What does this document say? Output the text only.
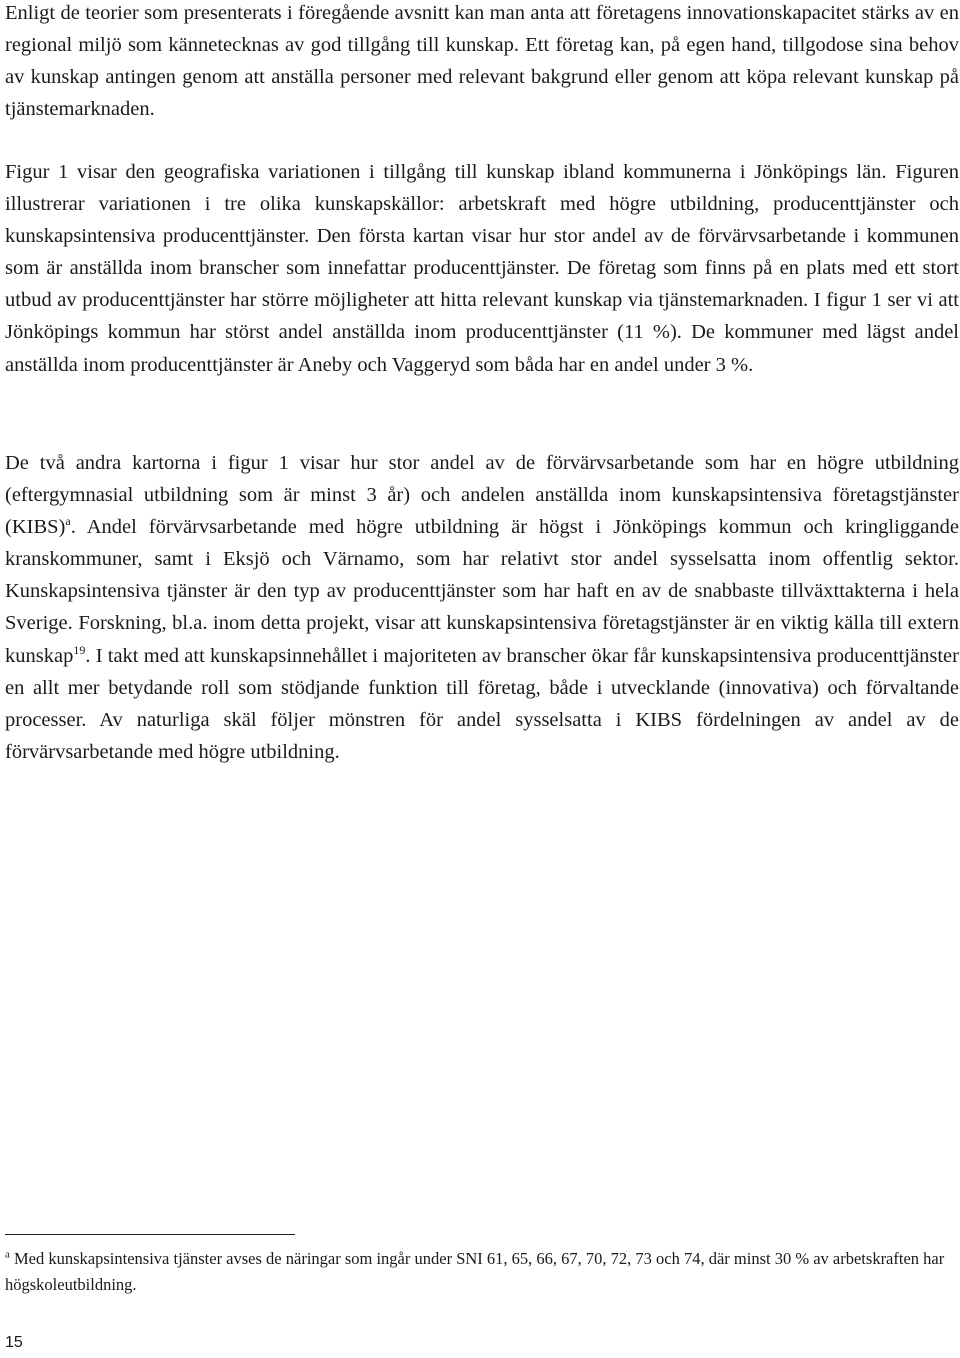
Enligt de teorier som presenterats i föregående avsnitt kan man anta att företagens innovationskapacitet stärks av en regional miljö som kännetecknas av god tillgång till kunskap. Ett företag kan, på egen hand, tillgodose sina behov av kunskap antingen genom att anställa personer med relevant bakgrund eller genom att köpa relevant kunskap på tjänstemarknaden.

Figur 1 visar den geografiska variationen i tillgång till kunskap ibland kommunerna i Jönköpings län. Figuren illustrerar variationen i tre olika kunskapskällor: arbetskraft med högre utbildning, producenttjänster och kunskapsintensiva producenttjänster. Den första kartan visar hur stor andel av de förvärvsarbetande i kommunen som är anställda inom branscher som innefattar producenttjänster. De företag som finns på en plats med ett stort utbud av producenttjänster har större möjligheter att hitta relevant kunskap via tjänstemarknaden. I figur 1 ser vi att Jönköpings kommun har störst andel anställda inom producenttjänster (11 %). De kommuner med lägst andel anställda inom producenttjänster är Aneby och Vaggeryd som båda har en andel under 3 %.

De två andra kartorna i figur 1 visar hur stor andel av de förvärvsarbetande som har en högre utbildning (eftergymnasial utbildning som är minst 3 år) och andelen anställda inom kunskapsintensiva företagstjänster (KIBS)$^a$. Andel förvärvsarbetande med högre utbildning är högst i Jönköpings kommun och kringliggande kranskommuner, samt i Eksjö och Värnamo, som har relativt stor andel sysselsatta inom offentlig sektor. Kunskapsintensiva tjänster är den typ av producenttjänster som har haft en av de snabbaste tillväxttakterna i hela Sverige. Forskning, bl.a. inom detta projekt, visar att kunskapsintensiva företagstjänster är en viktig källa till extern kunskap$^{19}$. I takt med att kunskapsinnehållet i majoriteten av branscher ökar får kunskapsintensiva producenttjänster en allt mer betydande roll som stödjande funktion till företag, både i utvecklande (innovativa) och förvaltande processer. Av naturliga skäl följer mönstren för andel sysselsatta i KIBS fördelningen av andel av de förvärvsarbetande med högre utbildning.

$^a$ Med kunskapsintensiva tjänster avses de näringar som ingår under SNI 61, 65, 66, 67, 70, 72, 73 och 74, där minst 30 % av arbetskraften har högskoleutbildning.

15
